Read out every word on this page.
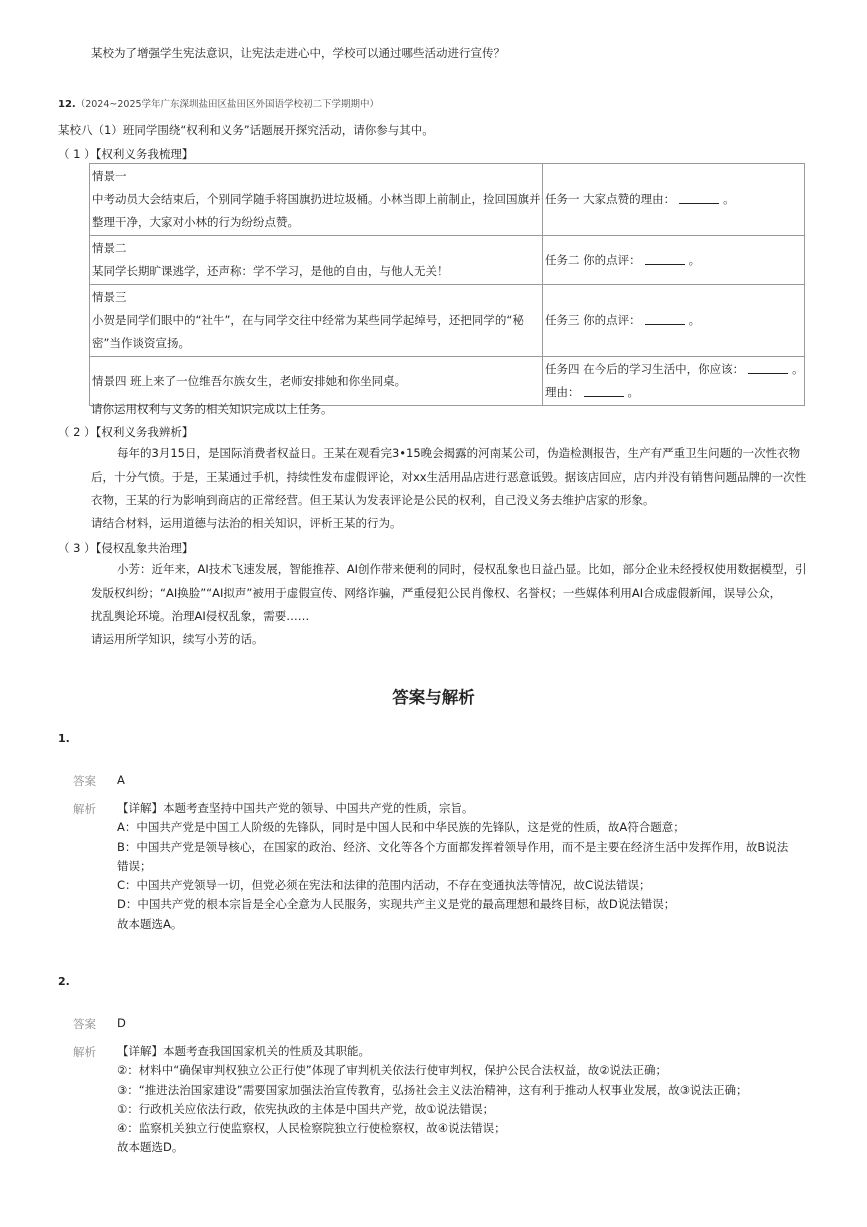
某校为了增强学生宪法意识，让宪法走进心中，学校可以通过哪些活动进行宣传？
12.（2024~2025学年广东深圳盐田区盐田区外国语学校初二下学期期中）
某校八（1）班同学围绕“权利和义务”话题展开探究活动，请你参与其中。
（ 1 ）【权利义务我梳理】
情景一
中考动员大会结束后，个别同学随手将国旗扔进垃圾桶。小林当即上前制止，捡回国旗并
整理干净，大家对小林的行为纷纷点赞。	任务一 大家点赞的理由： 。

情景二
某同学长期旷课逃学，还声称：学不学习，是他的自由，与他人无关！	任务二 你的点评： 。

情景三
小贺是同学们眼中的“社牛”，在与同学交往中经常为某些同学起绰号，还把同学的“秘
密”当作谈资宣扬。	任务三 你的点评： 。

情景四 班上来了一位维吾尔族女生，老师安排她和你坐同桌。	任务四 在今后的学习生活中，你应该： 。
理由： 。
请你运用权利与义务的相关知识完成以上任务。
（ 2 ）【权利义务我辨析】
每年的3月15日，是国际消费者权益日。王某在观看完3•15晚会揭露的河南某公司，伪造检测报告，生产有严重卫生问题的一次性衣物
后，十分气愤。于是，王某通过手机，持续性发布虚假评论，对xx生活用品店进行恶意诋毁。据该店回应，店内并没有销售问题品牌的一次性
衣物，王某的行为影响到商店的正常经营。但王某认为发表评论是公民的权利，自己没义务去维护店家的形象。
请结合材料，运用道德与法治的相关知识，评析王某的行为。
（ 3 ）【侵权乱象共治理】
小芳：近年来，AI技术飞速发展，智能推荐、AI创作带来便利的同时，侵权乱象也日益凸显。比如，部分企业未经授权使用数据模型，引
发版权纠纷；“AI换脸”“AI拟声”被用于虚假宣传、网络诈骗，严重侵犯公民肖像权、名誉权；一些媒体利用AI合成虚假新闻，误导公众，
扰乱舆论环境。治理AI侵权乱象，需要……
请运用所学知识，续写小芳的话。
答案与解析
1.
答案 A
解析 【详解】本题考查坚持中国共产党的领导、中国共产党的性质，宗旨。
A：中国共产党是中国工人阶级的先锋队，同时是中国人民和中华民族的先锋队，这是党的性质，故A符合题意；
B：中国共产党是领导核心，在国家的政治、经济、文化等各个方面都发挥着领导作用，而不是主要在经济生活中发挥作用，故B说法
错误；
C：中国共产党领导一切，但党必须在宪法和法律的范围内活动，不存在变通执法等情况，故C说法错误；
D：中国共产党的根本宗旨是全心全意为人民服务，实现共产主义是党的最高理想和最终目标，故D说法错误；
故本题选A。
2.
答案 D
解析 【详解】本题考查我国国家机关的性质及其职能。
②：材料中“确保审判权独立公正行使”体现了审判机关依法行使审判权，保护公民合法权益，故②说法正确；
③：“推进法治国家建设”需要国家加强法治宣传教育，弘扬社会主义法治精神，这有利于推动人权事业发展，故③说法正确；
①：行政机关应依法行政，依宪执政的主体是中国共产党，故①说法错误；
④：监察机关独立行使监察权，人民检察院独立行使检察权，故④说法错误；
故本题选D。
